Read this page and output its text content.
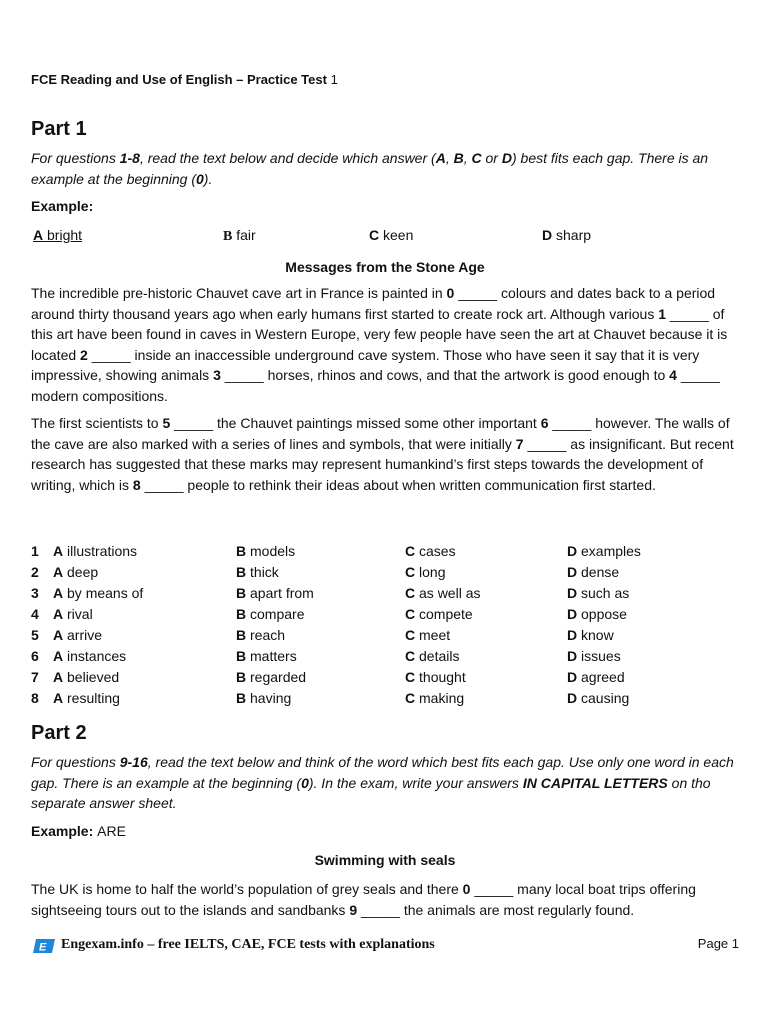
FCE Reading and Use of English – Practice Test 1
Part 1
For questions 1-8, read the text below and decide which answer (A, B, C or D) best fits each gap. There is an example at the beginning (0).
Example:
A bright	B fair	C keen	D sharp
Messages from the Stone Age
The incredible pre-historic Chauvet cave art in France is painted in 0 _____ colours and dates back to a period around thirty thousand years ago when early humans first started to create rock art. Although various 1 _____ of this art have been found in caves in Western Europe, very few people have seen the art at Chauvet because it is located 2 _____ inside an inaccessible underground cave system. Those who have seen it say that it is very impressive, showing animals 3 _____ horses, rhinos and cows, and that the artwork is good enough to 4 _____ modern compositions.
The first scientists to 5 _____ the Chauvet paintings missed some other important 6 _____ however. The walls of the cave are also marked with a series of lines and symbols, that were initially 7 _____ as insignificant. But recent research has suggested that these marks may represent humankind’s first steps towards the development of writing, which is 8 _____ people to rethink their ideas about when written communication first started.
1 A illustrations	B models	C cases	D examples
2 A deep	B thick	C long	D dense
3 A by means of	B apart from	C as well as	D such as
4 A rival	B compare	C compete	D oppose
5 A arrive	B reach	C meet	D know
6 A instances	B matters	C details	D issues
7 A believed	B regarded	C thought	D agreed
8 A resulting	B having	C making	D causing
Part 2
For questions 9-16, read the text below and think of the word which best fits each gap. Use only one word in each gap. There is an example at the beginning (0). In the exam, write your answers IN CAPITAL LETTERS on tho separate answer sheet.
Example: ARE
Swimming with seals
The UK is home to half the world’s population of grey seals and there 0 _____ many local boat trips offering sightseeing tours out to the islands and sandbanks 9 _____ the animals are most regularly found.
E Engexam.info – free IELTS, CAE, FCE tests with explanations	Page 1
